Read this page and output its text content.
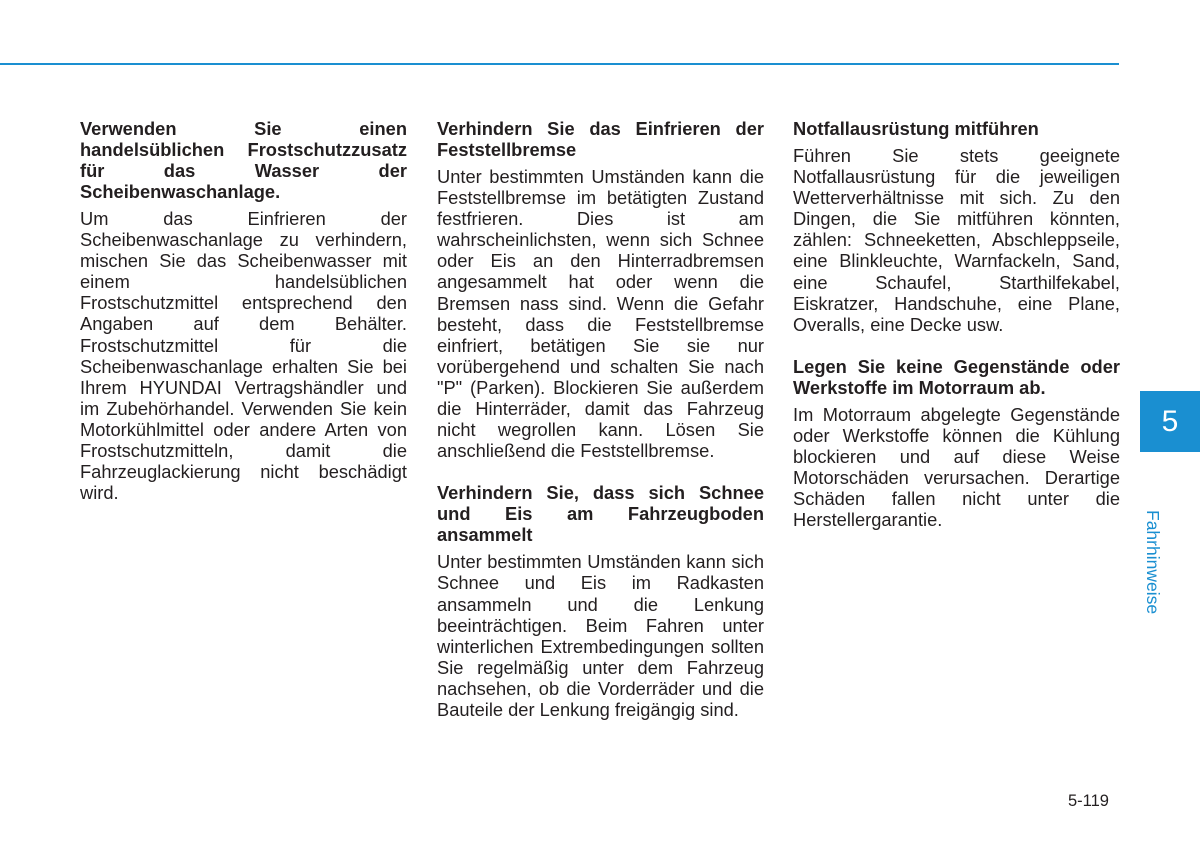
Verwenden Sie einen handelsüblichen Frostschutzzusatz für das Wasser der Scheibenwaschanlage.

Um das Einfrieren der Scheibenwaschanlage zu verhindern, mischen Sie das Scheibenwasser mit einem handelsüblichen Frostschutzmittel entsprechend den Angaben auf dem Behälter. Frostschutzmittel für die Scheibenwaschanlage erhalten Sie bei Ihrem HYUNDAI Vertragshändler und im Zubehörhandel. Verwenden Sie kein Motorkühlmittel oder andere Arten von Frostschutzmitteln, damit die Fahrzeuglackierung nicht beschädigt wird.

Verhindern Sie das Einfrieren der Feststellbremse

Unter bestimmten Umständen kann die Feststellbremse im betätigten Zustand festfrieren. Dies ist am wahrscheinlichsten, wenn sich Schnee oder Eis an den Hinterradbremsen angesammelt hat oder wenn die Bremsen nass sind. Wenn die Gefahr besteht, dass die Feststellbremse einfriert, betätigen Sie sie nur vorübergehend und schalten Sie nach "P" (Parken). Blockieren Sie außerdem die Hinterräder, damit das Fahrzeug nicht wegrollen kann. Lösen Sie anschließend die Feststellbremse.

Verhindern Sie, dass sich Schnee und Eis am Fahrzeugboden ansammelt

Unter bestimmten Umständen kann sich Schnee und Eis im Radkasten ansammeln und die Lenkung beeinträchtigen. Beim Fahren unter winterlichen Extrembedingungen sollten Sie regelmäßig unter dem Fahrzeug nachsehen, ob die Vorderräder und die Bauteile der Lenkung freigängig sind.

Notfallausrüstung mitführen

Führen Sie stets geeignete Notfallausrüstung für die jeweiligen Wetterverhältnisse mit sich. Zu den Dingen, die Sie mitführen könnten, zählen: Schneeketten, Abschleppseile, eine Blinkleuchte, Warnfackeln, Sand, eine Schaufel, Starthilfekabel, Eiskratzer, Handschuhe, eine Plane, Overalls, eine Decke usw.

Legen Sie keine Gegenstände oder Werkstoffe im Motorraum ab.

Im Motorraum abgelegte Gegenstände oder Werkstoffe können die Kühlung blockieren und auf diese Weise Motorschäden verursachen. Derartige Schäden fallen nicht unter die Herstellergarantie.

5
Fahrhinweise
5-119
